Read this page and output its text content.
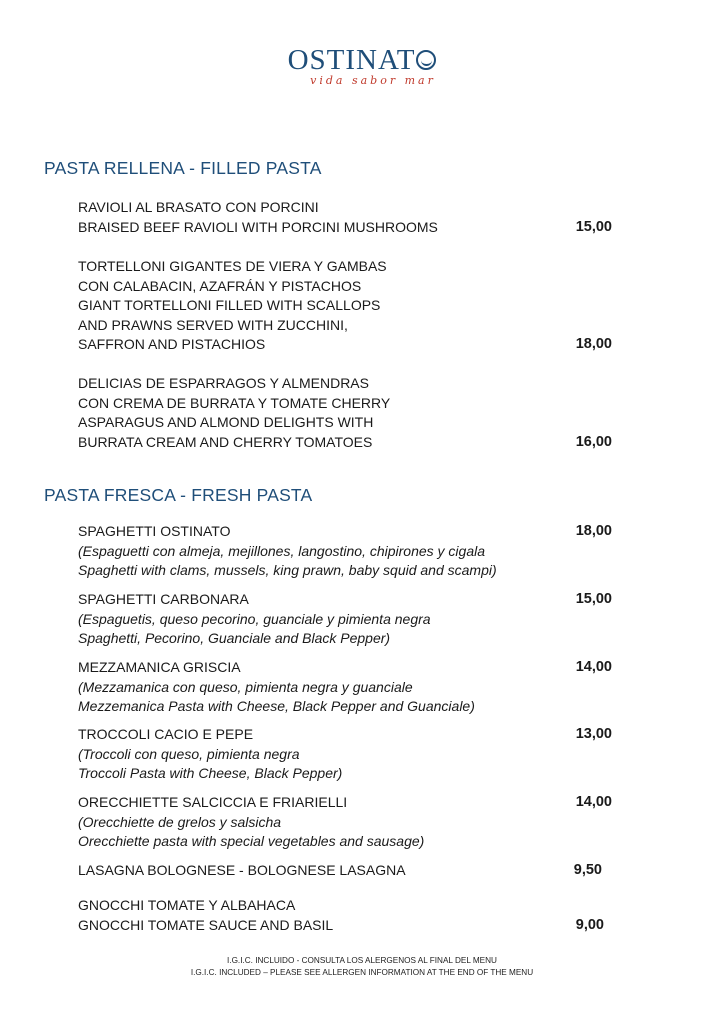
OSTINAT
vida sabor mar
PASTA RELLENA - FILLED PASTA
RAVIOLI AL BRASATO CON PORCINI
BRAISED BEEF RAVIOLI WITH PORCINI MUSHROOMS	15,00
TORTELLONI GIGANTES DE VIERA Y GAMBAS
CON CALABACIN, AZAFRÁN Y PISTACHOS
GIANT TORTELLONI FILLED WITH SCALLOPS
AND PRAWNS SERVED WITH ZUCCHINI,
SAFFRON AND PISTACHIOS	18,00
DELICIAS DE ESPARRAGOS Y ALMENDRAS
CON CREMA DE BURRATA Y TOMATE CHERRY
ASPARAGUS AND ALMOND DELIGHTS WITH
BURRATA CREAM AND CHERRY TOMATOES	16,00
PASTA FRESCA - FRESH PASTA
SPAGHETTI OSTINATO
(Espaguetti con almeja, mejillones, langostino, chipirones y cigala
Spaghetti with clams, mussels, king prawn, baby squid and scampi)
18,00
SPAGHETTI CARBONARA
(Espaguetis, queso pecorino, guanciale y pimienta negra
Spaghetti, Pecorino, Guanciale and Black Pepper)
15,00
MEZZAMANICA GRISCIA
(Mezzamanica con queso, pimienta negra y guanciale
Mezzemanica Pasta with Cheese, Black Pepper and Guanciale)
14,00
TROCCOLI CACIO E PEPE
(Troccoli con queso, pimienta negra
Troccoli Pasta with Cheese, Black Pepper)
13,00
ORECCHIETTE SALCICCIA E FRIARIELLI
(Orecchiette de grelos y salsicha
Orecchiette pasta with special vegetables and sausage)
14,00
LASAGNA BOLOGNESE - BOLOGNESE LASAGNA	9,50
GNOCCHI TOMATE Y ALBAHACA
GNOCCHI TOMATE SAUCE AND BASIL	9,00
I.G.I.C. INCLUIDO - CONSULTA LOS ALERGENOS AL FINAL DEL MENU
I.G.I.C. INCLUDED – PLEASE SEE ALLERGEN INFORMATION AT THE END OF THE MENU
